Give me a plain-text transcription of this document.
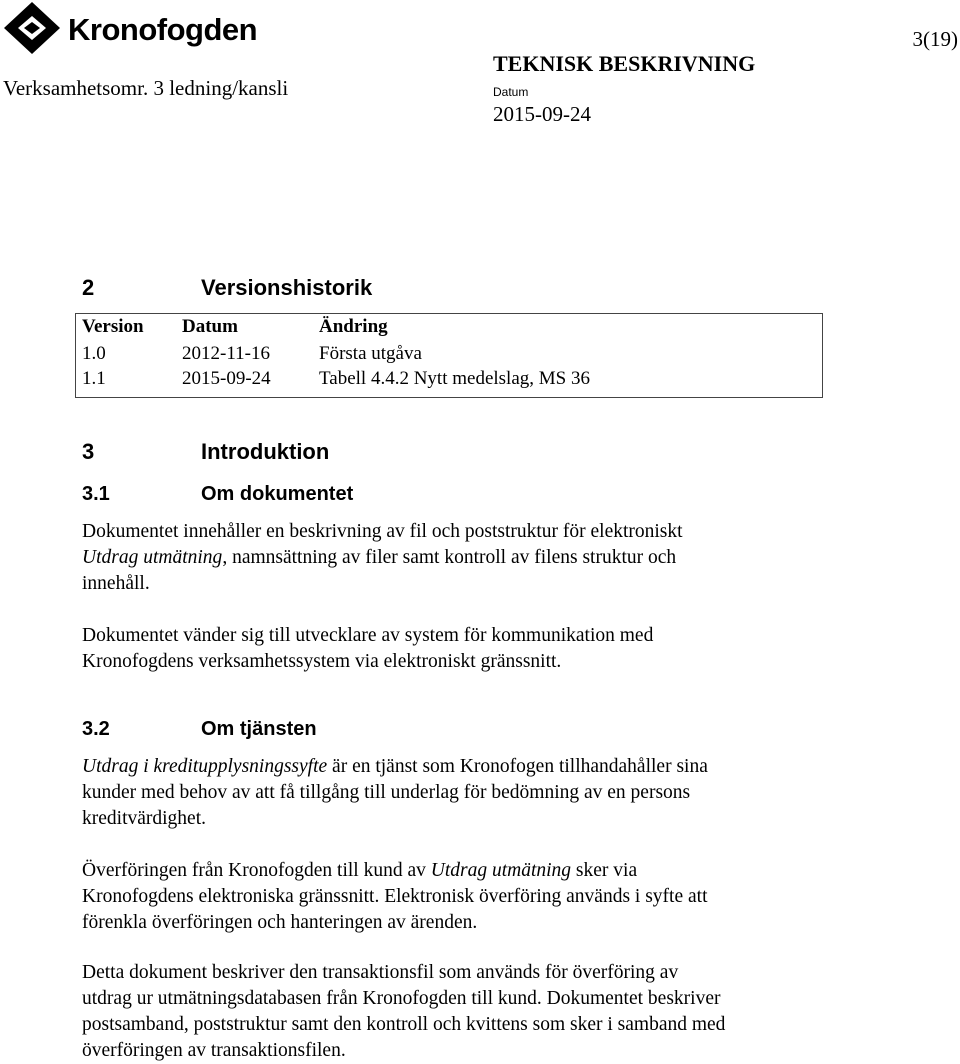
Kronofogden	3(19)
Verksamhetsomr. 3 ledning/kansli
TEKNISK BESKRIVNING
Datum
2015-09-24
2	Versionshistorik
Version	Datum	Ändring
1.0	2012-11-16	Första utgåva
1.1	2015-09-24	Tabell 4.4.2 Nytt medelslag, MS 36
3	Introduktion
3.1	Om dokumentet
Dokumentet innehåller en beskrivning av fil och poststruktur för elektroniskt
Utdrag utmätning, namnsättning av filer samt kontroll av filens struktur och
innehåll.
Dokumentet vänder sig till utvecklare av system för kommunikation med
Kronofogdens verksamhetssystem via elektroniskt gränssnitt.
3.2	Om tjänsten
Utdrag i kreditupplysningssyfte är en tjänst som Kronofogen tillhandahåller sina
kunder med behov av att få tillgång till underlag för bedömning av en persons
kreditvärdighet.
Överföringen från Kronofogden till kund av Utdrag utmätning sker via
Kronofogdens elektroniska gränssnitt. Elektronisk överföring används i syfte att
förenkla överföringen och hanteringen av ärenden.
Detta dokument beskriver den transaktionsfil som används för överföring av
utdrag ur utmätningsdatabasen från Kronofogden till kund. Dokumentet beskriver
postsamband, poststruktur samt den kontroll och kvittens som sker i samband med
överföringen av transaktionsfilen.
